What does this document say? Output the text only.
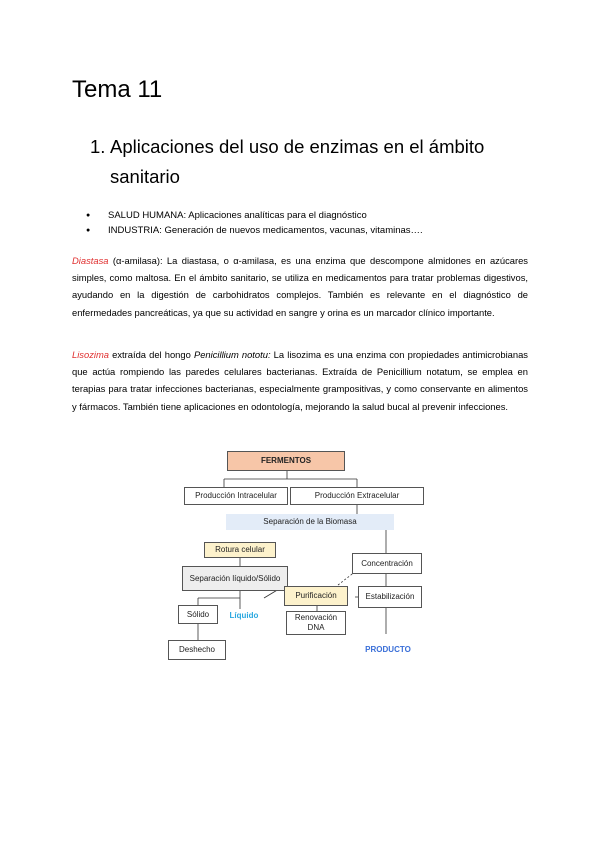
Tema 11
1. Aplicaciones del uso de enzimas en el ámbito sanitario
● SALUD HUMANA: Aplicaciones analíticas para el diagnóstico
● INDUSTRIA: Generación de nuevos medicamentos, vacunas, vitaminas….

Diastasa (α-amilasa): La diastasa, o α-amilasa, es una enzima que descompone almidones en azúcares simples, como maltosa. En el ámbito sanitario, se utiliza en medicamentos para tratar problemas digestivos, ayudando en la digestión de carbohidratos complejos. También es relevante en el diagnóstico de enfermedades pancreáticas, ya que su actividad en sangre y orina es un marcador clínico importante.

Lisozima extraída del hongo Penicillium nototu: La lisozima es una enzima con propiedades antimicrobianas que actúa rompiendo las paredes celulares bacterianas. Extraída de Penicillium notatum, se emplea en terapias para tratar infecciones bacterianas, especialmente grampositivas, y como conservante en alimentos y fármacos. También tiene aplicaciones en odontología, mejorando la salud bucal al prevenir infecciones.

FERMENTOS
Producción Intracelular	Producción Extracelular
Separación de la Biomasa
Rotura celular
Separación líquido/Sólido
Sólido	Líquido
Deshecho
Concentración
Purificación	Estabilización
Renovación DNA
PRODUCTO
